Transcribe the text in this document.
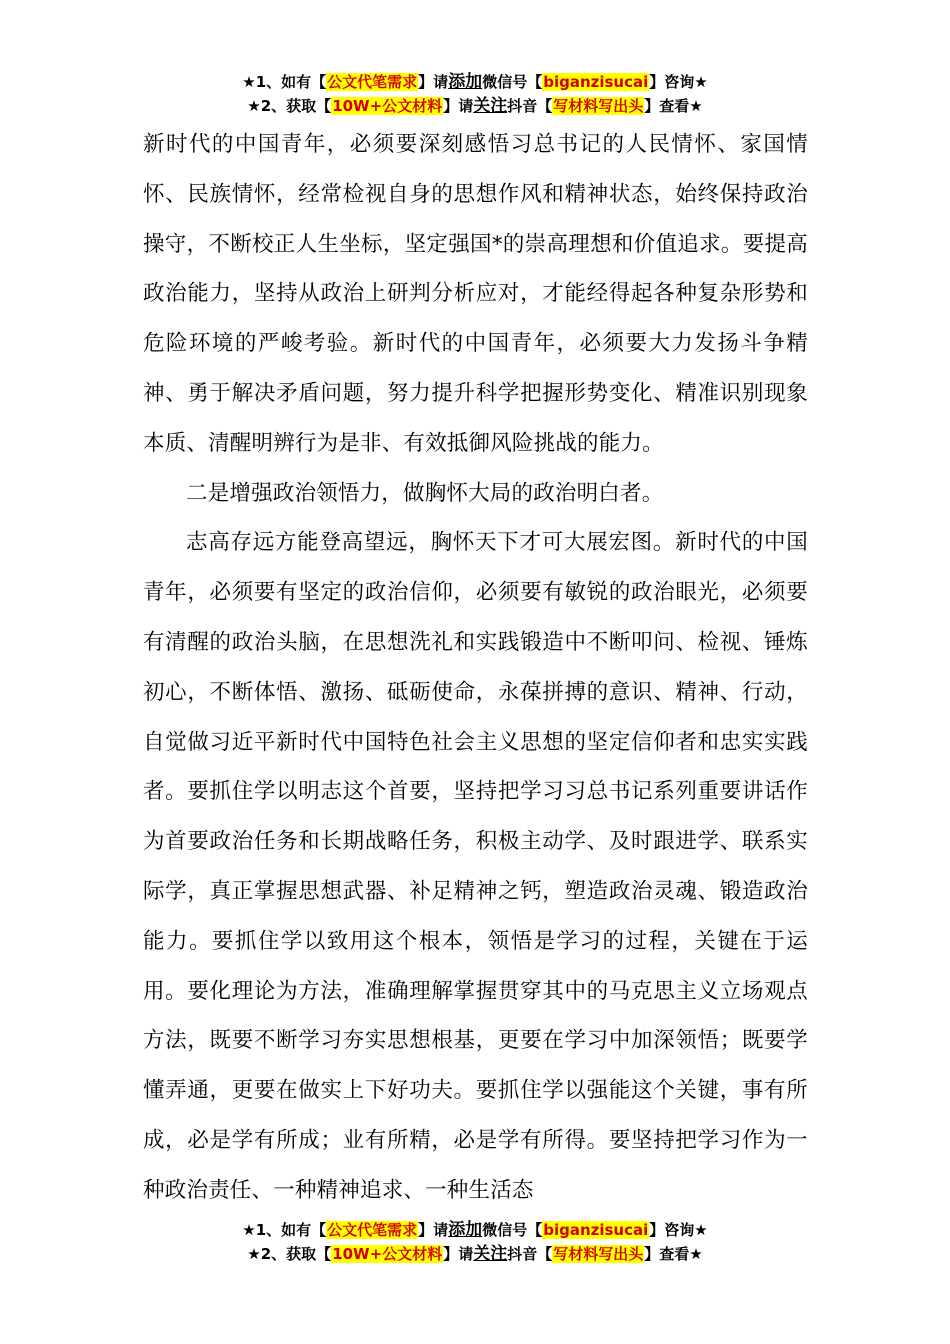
★1、如有【公文代笔需求】请添加微信号【biganzisucai】咨询★
★2、获取【10W+公文材料】请关注抖音【写材料写出头】查看★

新时代的中国青年，必须要深刻感悟习总书记的人民情怀、家国情怀、民族情怀，经常检视自身的思想作风和精神状态，始终保持政治操守，不断校正人生坐标，坚定强国*的崇高理想和价值追求。要提高政治能力，坚持从政治上研判分析应对，才能经得起各种复杂形势和危险环境的严峻考验。新时代的中国青年，必须要大力发扬斗争精神、勇于解决矛盾问题，努力提升科学把握形势变化、精准识别现象本质、清醒明辨行为是非、有效抵御风险挑战的能力。

二是增强政治领悟力，做胸怀大局的政治明白者。

志高存远方能登高望远，胸怀天下才可大展宏图。新时代的中国青年，必须要有坚定的政治信仰，必须要有敏锐的政治眼光，必须要有清醒的政治头脑，在思想洗礼和实践锻造中不断叩问、检视、锤炼初心，不断体悟、激扬、砥砺使命，永葆拼搏的意识、精神、行动，自觉做习近平新时代中国特色社会主义思想的坚定信仰者和忠实实践者。要抓住学以明志这个首要，坚持把学习习总书记系列重要讲话作为首要政治任务和长期战略任务，积极主动学、及时跟进学、联系实际学，真正掌握思想武器、补足精神之钙，塑造政治灵魂、锻造政治能力。要抓住学以致用这个根本，领悟是学习的过程，关键在于运用。要化理论为方法，准确理解掌握贯穿其中的马克思主义立场观点方法，既要不断学习夯实思想根基，更要在学习中加深领悟；既要学懂弄通，更要在做实上下好功夫。要抓住学以强能这个关键，事有所成，必是学有所成；业有所精，必是学有所得。要坚持把学习作为一种政治责任、一种精神追求、一种生活态

★1、如有【公文代笔需求】请添加微信号【biganzisucai】咨询★
★2、获取【10W+公文材料】请关注抖音【写材料写出头】查看★
